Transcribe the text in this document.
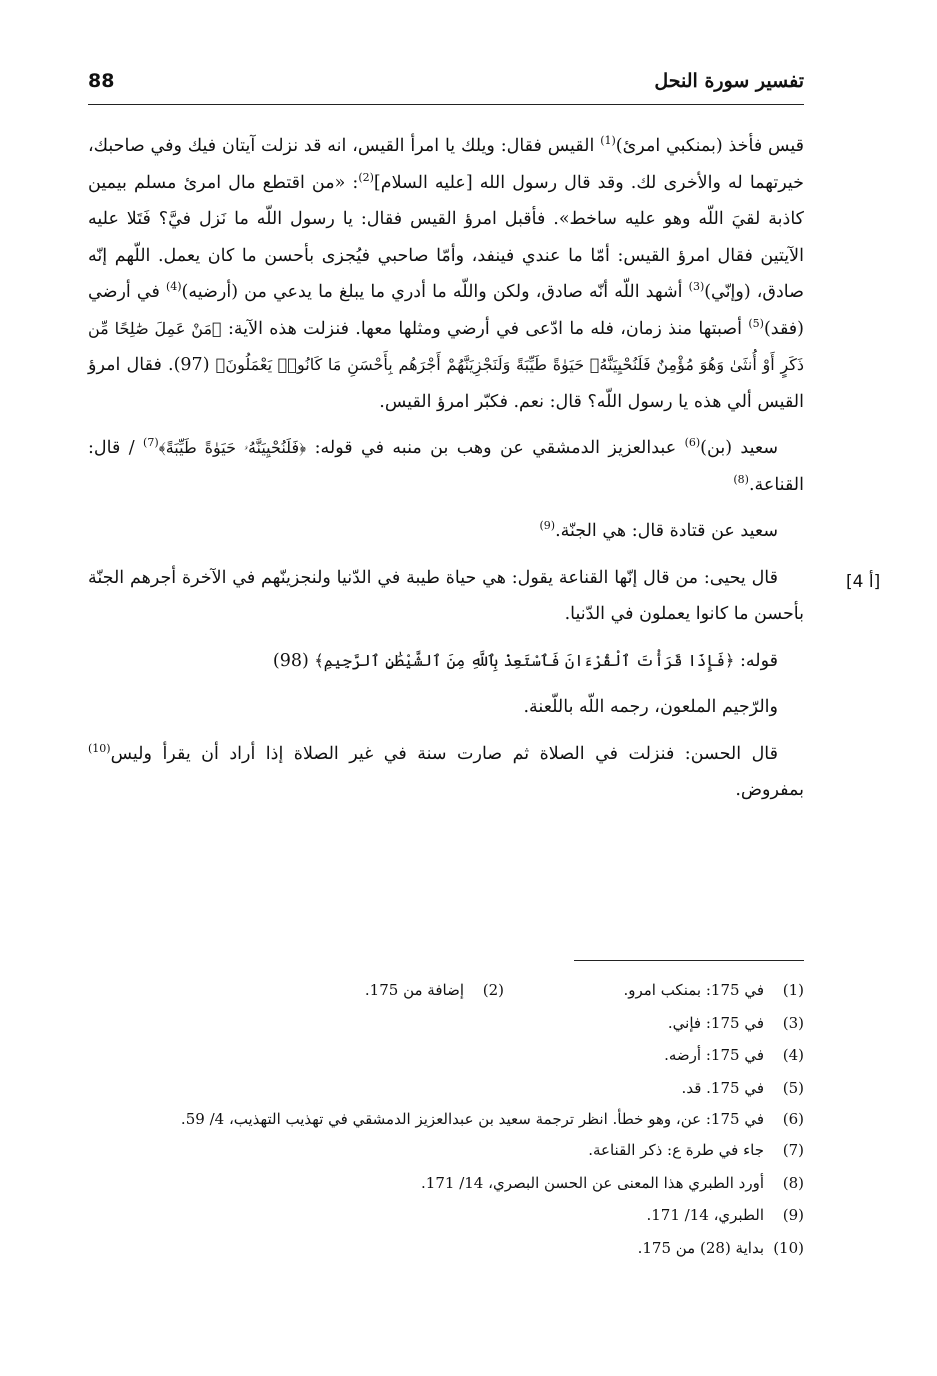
88	تفسير سورة النحل

قيس فأخذ (بمنكبي امرئ)$^{(1)}$ القيس فقال: ويلك يا امرأ القيس، انه قد نزلت آيتان فيك وفي صاحبك، خيرتهما له والأخرى لك. وقد قال رسول الله [عليه السلام]$^{(2)}$: «من اقتطع مال امرئ مسلم بيمين كاذبة لقيَ اللّه وهو عليه ساخط». فأقبل امرؤ القيس فقال: يا رسول اللّه ما نَزل فيَّ؟ فَتَلا عليه الآيتين فقال امرؤ القيس: أمّا ما عندي فينفد، وأمّا صاحبي فيُجزى بأحسن ما كان يعمل. اللّهم إنّه صادق، (وإنّي)$^{(3)}$ أشهد اللّه أنّه صادق، ولكن واللّه ما أدري ما يبلغ ما يدعي من (أرضيه)$^{(4)}$ في أرضي (فقد)$^{(5)}$ أصبتها منذ زمان، فله ما ادّعى في أرضي ومثلها معها. فنزلت هذه الآية: ﴿مَنْ عَمِلَ صَٰلِحًا مِّن ذَكَرٍ أَوْ أُنثَىٰ وَهُوَ مُؤْمِنٌ فَلَنُحْيِيَنَّهُۥ حَيَوٰةً طَيِّبَةً وَلَنَجْزِيَنَّهُمْ أَجْرَهُم بِأَحْسَنِ مَا كَانُوا۟ يَعْمَلُونَ﴾ (97). فقال امرؤ القيس ألي هذه يا رسول اللّه؟ قال: نعم. فكبّر امرؤ القيس.

سعيد (بن)$^{(6)}$ عبدالعزيز الدمشقي عن وهب بن منبه في قوله: ﴿فَلَنُحْيِيَنَّهُۥ حَيَوٰةً طَيِّبَةً﴾$^{(7)}$ / قال: القناعة.$^{(8)}$

سعيد عن قتادة قال: هي الجنّة.$^{(9)}$

قال يحيى: من قال إنّها القناعة يقول: هي حياة طيبة في الدّنيا ولنجزينّهم في الآخرة أجرهم الجنّة بأحسن ما كانوا يعملون في الدّنيا.

قوله: ﴿فَإِذَا قَرَأْتَ ٱلْقُرْءَانَ فَٱسْتَعِذْ بِٱللَّهِ مِنَ ٱلشَّيْطَٰنِ ٱلرَّجِيمِ﴾ (98)

والرّجيم الملعون، رجمه اللّه باللّعنة.

قال الحسن: فنزلت في الصلاة ثم صارت سنة في غير الصلاة إذا أراد أن يقرأ وليس$^{(10)}$ بمفروض.

[أ 4]
(1)
في 175: بمنكب امرو.
(2)
إضافة من 175.
(3)
في 175: فإني.
(4)
في 175: أرضه.
(5)
في 175. قد.
(6)
في 175: عن، وهو خطأ. انظر ترجمة سعيد بن عبدالعزيز الدمشقي في تهذيب التهذيب، 4/ 59.
(7)
جاء في طرة ع: ذكر القناعة.
(8)
أورد الطبري هذا المعنى عن الحسن البصري، 14/ 171.
(9)
الطبري، 14/ 171.
(10)
بداية (28) من 175.
